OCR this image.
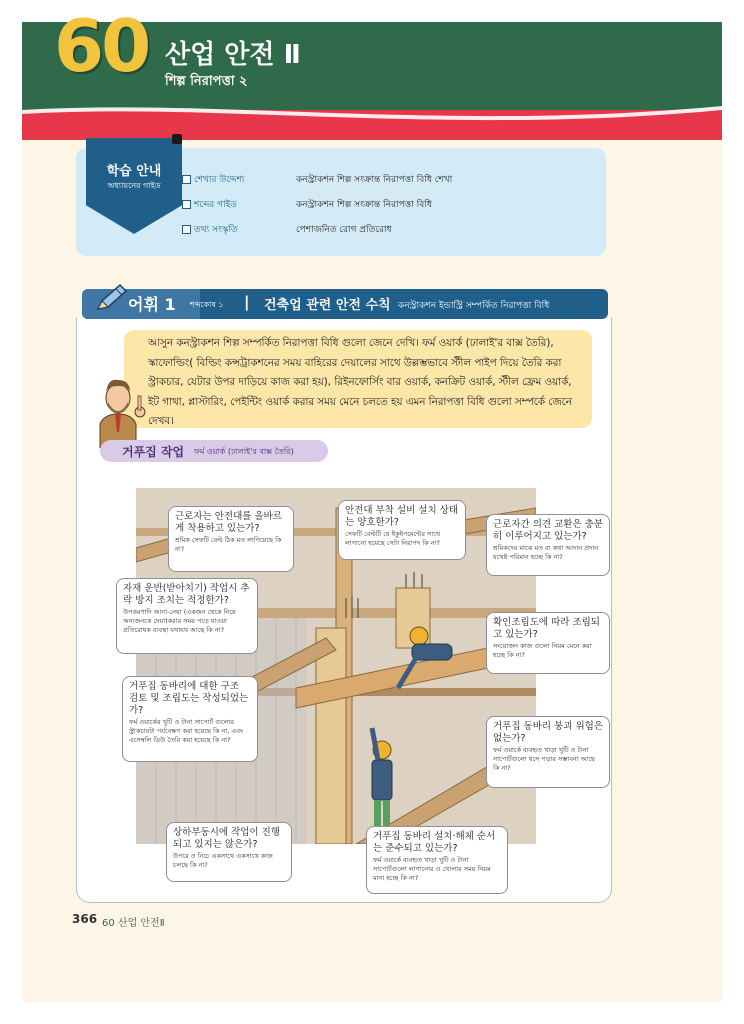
60 산업 안전 Ⅱ
শিল্প নিরাপত্তা ২
학습 안내
অধ্যায়নের গাইড
শেখার উদ্দেশ্য	কনস্ট্রাকশন শিল্প সংক্রান্ত নিরাপত্তা বিধি শেখা
শব্দের গাইড	কনস্ট্রাকশন শিল্প সংক্রান্ত নিরাপত্তা বিধি
তথ্য সংস্কৃতি	পেশাজনিত রোগ প্রতিরোধ
어휘 1 শব্দকোষ ১ | 건축업 관련 안전 수칙 কনস্ট্রাকশন ইন্ডাস্ট্রি সম্পর্কিত নিরাপত্তা বিধি
আসুন কনস্ট্রাকশন শিল্প সম্পর্কিত নিরাপত্তা বিধি গুলো জেনে দেখি। ফর্ম ওয়ার্ক (ঢালাই'র বাক্স তৈরি), স্কাফোল্ডিং( বিল্ডিং কন্সট্রাকশনের সময় বাহিরের দেয়ালের সাথে উল্লম্ভভাবে স্টীল পাইপ দিয়ে তৈরি করা স্ট্রাকচার, যেটার উপর দাড়িয়ে কাজ করা হয়), রিইনফোর্সিং বার ওয়ার্ক, কনক্রিট ওয়ার্ক, স্টীল ফ্রেম ওয়ার্ক, ইট গাথা, প্লাস্টারিং, পেইন্টিং ওয়ার্ক করার সময় মেনে চলতে হয় এমন নিরাপত্তা বিধি গুলো সম্পর্কে জেনে দেখব।
거푸집 작업 ফর্ম ওয়ার্ক (ঢালাই'র বাক্স তৈরি)
근로자는 안전대를 올바르게 착용하고 있는가?
শ্রমিক সেফটি বেল্ট ঠিক মত লাগিয়েছে কি না?
안전대 부착 설비 설치 상태는 양호한가?
সেফটি বেল্টটি যে ইকুইপমেন্টের সাথে লাগানো হয়েছে সেটা নিরাপদ কি না?
근로자간 의견 교환은 충분히 이루어지고 있는가?
শ্রমিকদের মাঝে মত বা কথা আদান প্রদান যথেষ্ট পরিমান হচ্ছে কি না?
자재 운반(받아치기) 작업시 추락 방지 조치는 적정한가?
উপকরণাদি আনা-নেয়া (একজন থেকে নিয়ে অন্যজনকে দেয়া)করার সময় পড়ে যাওয়া প্রতিরোধক ব্যবস্থা যথাযথ আছে কি না?
확인조립도에 따라 조립되고 있는가?
সংযোজন কাজ গুলো নিয়ম মেনে করা হচ্ছে কি না?
거푸집 동바리에 대한 구조 검토 및 조립도는 작성되었는가?
ফর্ম ওয়ার্কের খুটি ও টানা সাপোর্ট গুলোর স্ট্রাকচারটা পর্যবেক্ষণ করা হয়েছে কি না, এবং এসেম্বলি ডিউ তৈরি করা হয়েছে কি না?
거푸집 동바리 붕괴 위험은 없는가?
ফর্ম ওয়ার্কে ব্যবহৃত খাড়া খুটি ও টানা সাপোর্টগুলো ধসে পড়ার সম্ভাবনা আছে কি না?
상하부동시에 작업이 진행되고 있지는 않은가?
উপরে ও নিচে একসাথে একসাথে কাজ চলছে কি না?
거푸집 동바리 설치·해체 순서는 준수되고 있는가?
ফর্ম ওয়ার্কে ব্যবহৃত খাড়া খুটি ও টানা সাপোর্টগুলো লাগানোর ও খোলার সময় নিয়ম মানা হচ্ছে কি না?
366 60 산업 안전Ⅱ
